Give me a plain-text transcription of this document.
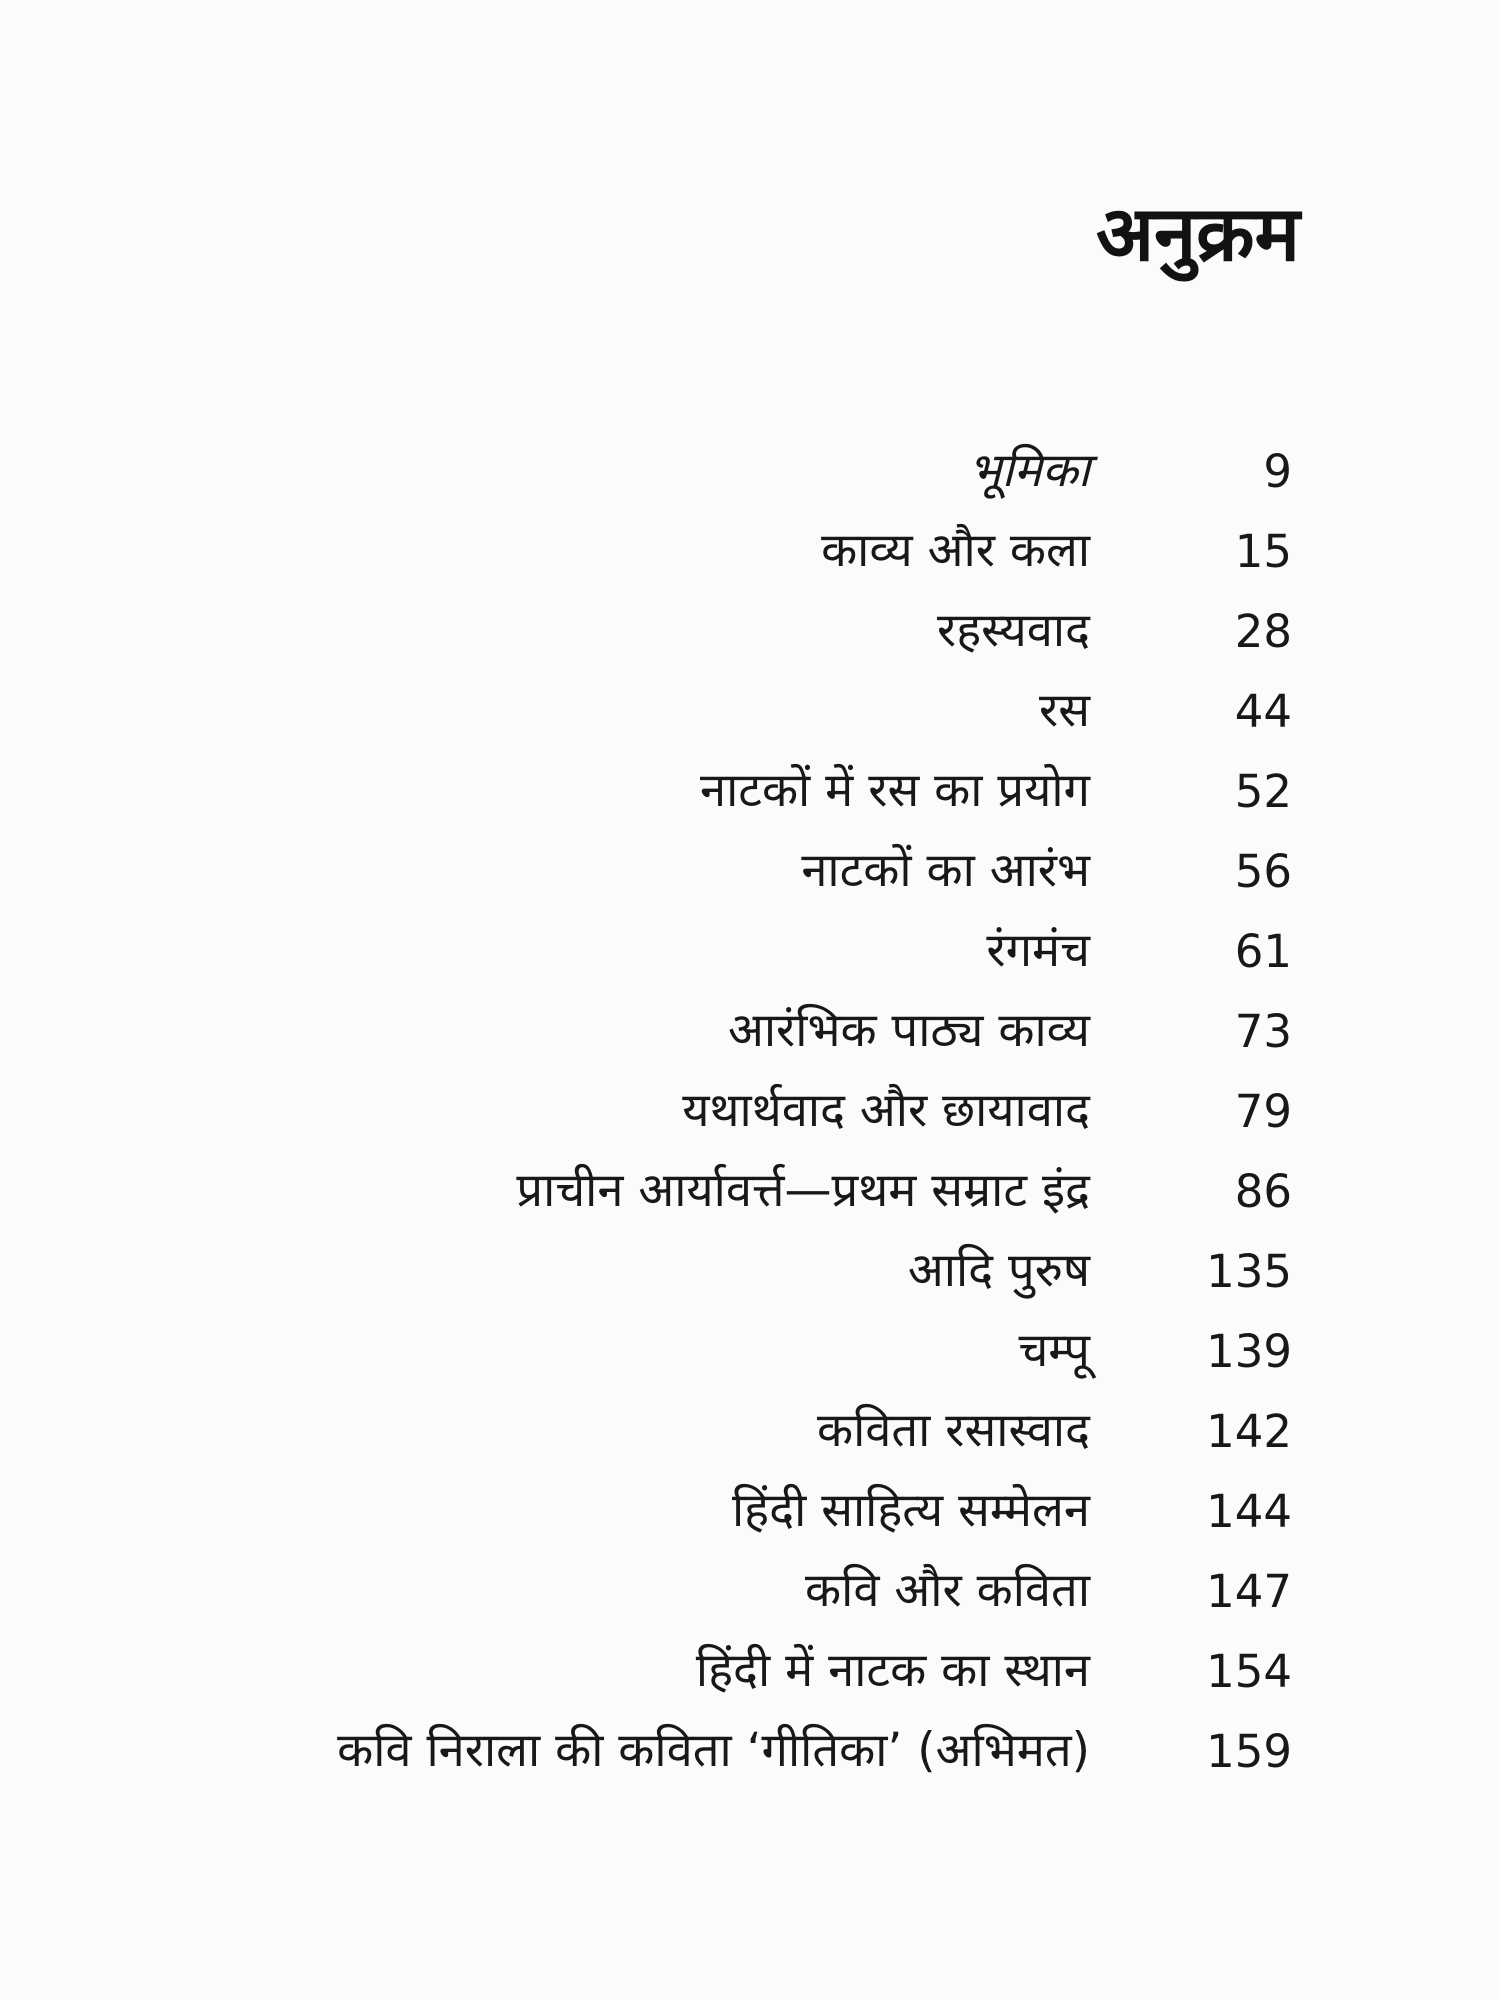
अनुक्रम
भूमिका	9
काव्य और कला	15
रहस्यवाद	28
रस	44
नाटकों में रस का प्रयोग	52
नाटकों का आरंभ	56
रंगमंच	61
आरंभिक पाठ्य काव्य	73
यथार्थवाद और छायावाद	79
प्राचीन आर्यावर्त्त—प्रथम सम्राट इंद्र	86
आदि पुरुष	135
चम्पू	139
कविता रसास्वाद	142
हिंदी साहित्य सम्मेलन	144
कवि और कविता	147
हिंदी में नाटक का स्थान	154
कवि निराला की कविता ‘गीतिका’ (अभिमत)	159
